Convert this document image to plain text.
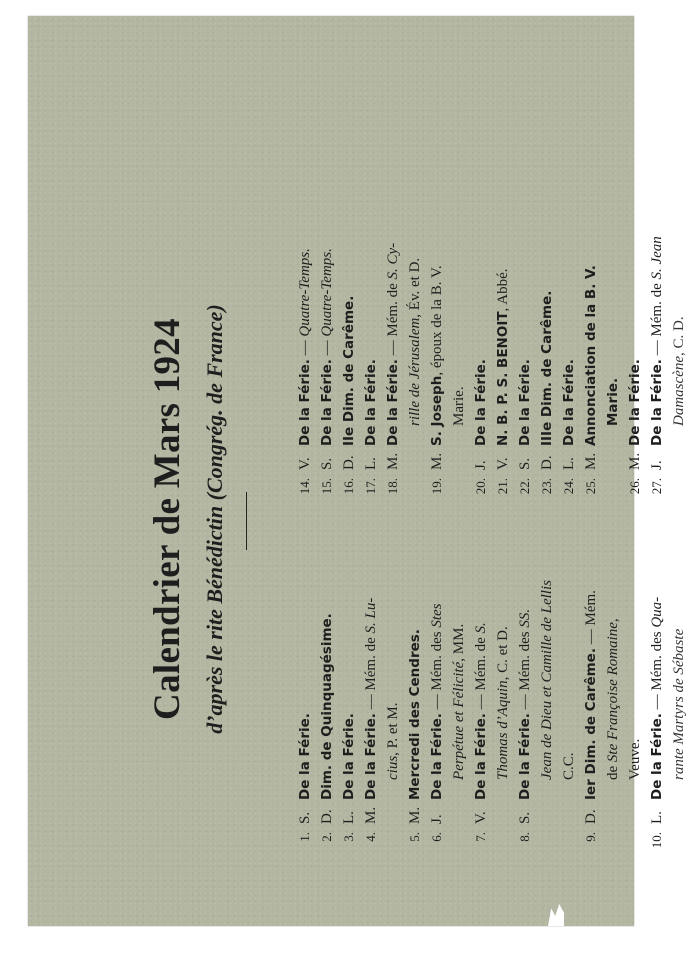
Calendrier de Mars 1924 d’après le rite Bénédictin (Congrég. de France)
1.
S.
De la Férie.
2.
D.
Dim. de Quinquagésime.
3.
L.
De la Férie.
4.
M.
De la Férie. — Mém. de S. Lu-
cius, P. et M.
5.
M.
Mercredi des Cendres.
6.
J.
De la Férie. — Mém. des Stes
Perpétue et Félicité, MM.
7.
V.
De la Férie. — Mém. de S.
Thomas d’Aquin, C. et D.
8.
S.
De la Férie. — Mém. des SS. Jean de Dieu et Camille de Lellis C.C.
9.
D.
Ier Dim. de Carême. — Mém.
de Ste Françoise Romaine,
Veuve.
10.
L.
De la Férie. — Mém. des Qua-
rante Martyrs de Sébaste
14.
V.
De la Férie. — Quatre-Temps.
15.
S.
De la Férie. — Quatre-Temps.
16.
D.
IIe Dim. de Carême.
17.
L.
De la Férie.
18.
M.
De la Férie. — Mém. de S. Cy-
rille de Jérusalem, Év. et D.
19.
M.
S. Joseph, époux de la B. V.
Marie.
20.
J.
De la Férie.
21.
V.
N. B. P. S. BENOIT, Abbé.
22.
S.
De la Férie.
23.
D.
IIIe Dim. de Carême.
24.
L.
De la Férie.
25.
M.
Annonciation de la B. V. Marie.
26.
M.
De la Férie.
27.
J.
De la Férie. — Mém. de S. Jean
Damascène, C. D.
